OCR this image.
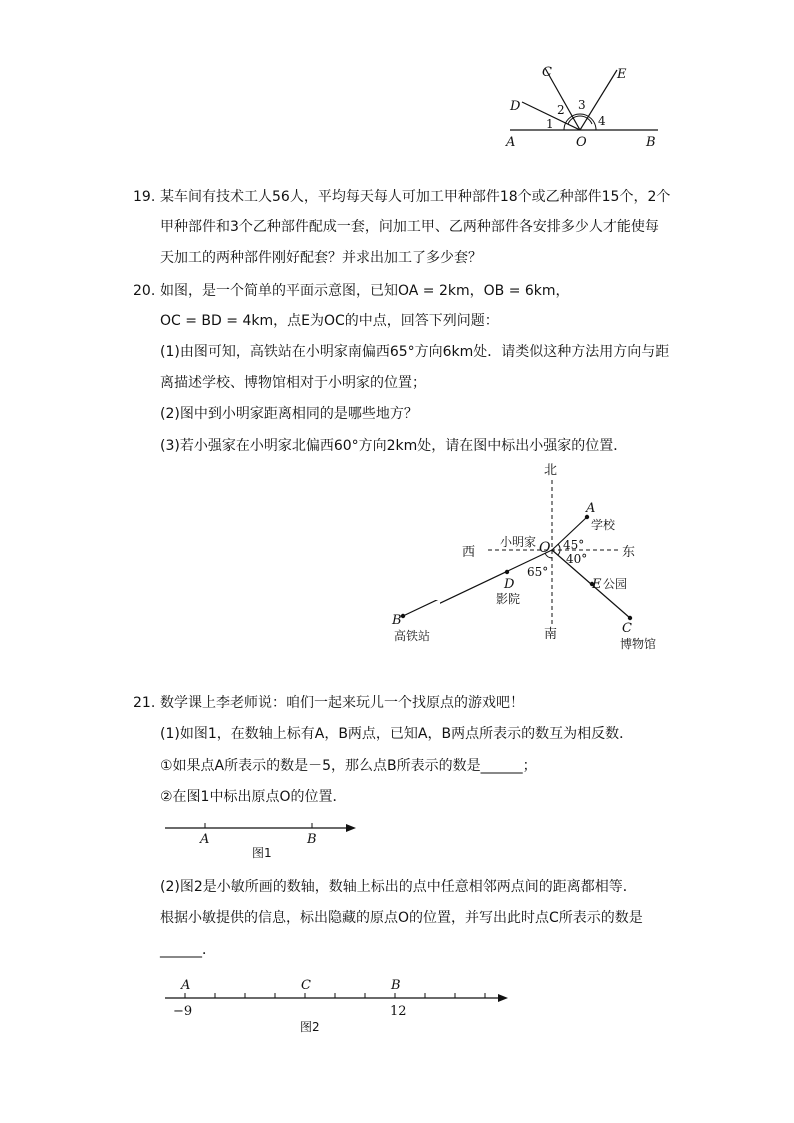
A	O	B
C
D
E
1
2 3
4
19. 某车间有技术工人56人，平均每天每人可加工甲种部件18个或乙种部件15个，2个
甲种部件和3个乙种部件配成一套，问加工甲、乙两种部件各安排多少人才能使每
天加工的两种部件刚好配套？并求出加工了多少套？
20. 如图，是一个简单的平面示意图，已知OA = 2km，OB = 6km，
OC = BD = 4km，点E为OC的中点，回答下列问题：
(1)由图可知，高铁站在小明家南偏西65°方向6km处．请类似这种方法用方向与距
离描述学校、博物馆相对于小明家的位置；
(2)图中到小明家距离相同的是哪些地方？
(3)若小强家在小明家北偏西60°方向2km处，请在图中标出小强家的位置．
北
南
西	东
小明家 O
A
学校
C
博物馆
E 公园
D
影院
45°
40°
65°
B
高铁站
21. 数学课上李老师说：咱们一起来玩儿一个找原点的游戏吧！
(1)如图1，在数轴上标有A，B两点，已知A，B两点所表示的数互为相反数．
①如果点A所表示的数是－5，那么点B所表示的数是______；
②在图1中标出原点O的位置．
A	B
图1
(2)图2是小敏所画的数轴，数轴上标出的点中任意相邻两点间的距离都相等．
根据小敏提供的信息，标出隐藏的原点O的位置，并写出此时点C所表示的数是
______．
A	C	B
−9	12
图2
